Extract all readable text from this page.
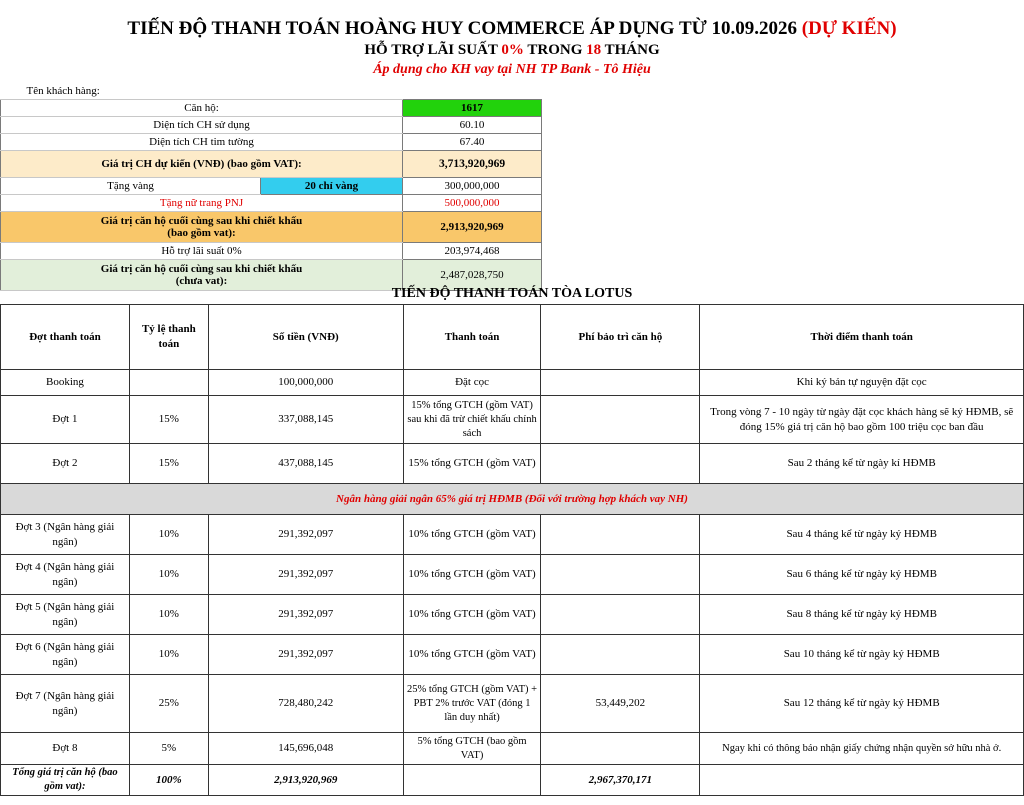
TIẾN ĐỘ THANH TOÁN HOÀNG HUY COMMERCE ÁP DỤNG TỪ 10.09.2026 (DỰ KIẾN)
HỖ TRỢ LÃI SUẤT 0% TRONG 18 THÁNG
Áp dụng cho KH vay tại NH TP Bank - Tô Hiệu
Tên khách hàng:		
Căn hộ:		1617
Diện tích CH sử dụng		60.10
Diện tích CH tim tường		67.40
Giá trị CH dự kiến (VNĐ) (bao gồm VAT):		3,713,920,969
Tặng vàng	20 chỉ vàng	300,000,000
Tặng nữ trang PNJ		500,000,000

Giá trị căn hộ cuối cùng sau khi chiết khấu
(bao gồm vat):		2,913,920,969
Hỗ trợ lãi suất 0%		203,974,468

Giá trị căn hộ cuối cùng sau khi chiết khấu
(chưa vat):		2,487,028,750
TIẾN ĐỘ THANH TOÁN TÒA LOTUS
Đợt thanh toán	Tỷ lệ thanh toán	Số tiền (VNĐ)	Thanh toán	Phí bảo trì căn hộ	Thời điểm thanh toán
Booking		100,000,000	Đặt cọc		Khi ký bản tự nguyện đặt cọc
Đợt 1	15%	337,088,145	15% tổng GTCH (gồm VAT) sau khi đã trừ chiết khấu chính sách		Trong vòng 7 - 10 ngày từ ngày đặt cọc khách hàng sẽ ký HĐMB, sẽ đóng 15% giá trị căn hộ bao gồm 100 triệu cọc ban đầu
Đợt 2	15%	437,088,145	15% tổng GTCH (gồm VAT)		Sau 2 tháng kể từ ngày kí HĐMB
Ngân hàng giải ngân 65% giá trị HĐMB (Đối với trường hợp khách vay NH)					
Đợt 3 (Ngân hàng giải ngân)	10%	291,392,097	10% tổng GTCH (gồm VAT)		Sau 4 tháng kể từ ngày ký HĐMB
Đợt 4 (Ngân hàng giải ngân)	10%	291,392,097	10% tổng GTCH (gồm VAT)		Sau 6 tháng kể từ ngày ký HĐMB
Đợt 5 (Ngân hàng giải ngân)	10%	291,392,097	10% tổng GTCH (gồm VAT)		Sau 8 tháng kể từ ngày ký HĐMB
Đợt 6 (Ngân hàng giải ngân)	10%	291,392,097	10% tổng GTCH (gồm VAT)		Sau 10 tháng kể từ ngày ký HĐMB
Đợt 7 (Ngân hàng giải ngân)	25%	728,480,242	25% tổng GTCH (gồm VAT) + PBT 2% trước VAT (đóng 1 lần duy nhất)	53,449,202	Sau 12 tháng kể từ ngày ký HĐMB
Đợt 8	5%	145,696,048	5% tổng GTCH (bao gồm VAT)		Ngay khi có thông báo nhận giấy chứng nhận quyền sở hữu nhà ở.
Tổng giá trị căn hộ (bao gồm vat):	100%	2,913,920,969		2,967,370,171	
